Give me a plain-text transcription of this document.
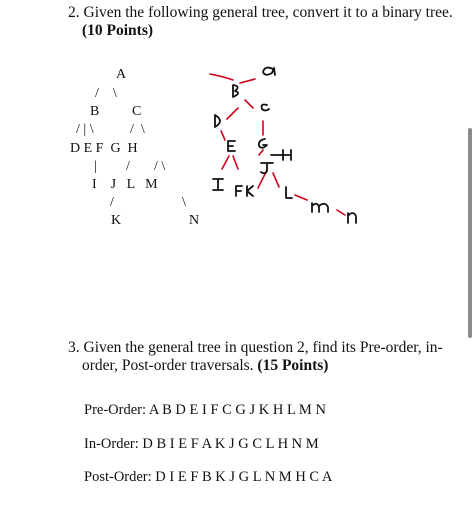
2. Given the following general tree, convert it to a binary tree.
(10 Points)
A
/    \
B C
/ | \	/  \
D E F  G  H
| / / \
I    J   L   M
/	\
K	N
3. Given the general tree in question 2, find its Pre-order, in-
order, Post-order traversals. (15 Points)
Pre-Order: A B D E I F C G J K H L M N
In-Order: D B I E F A K J G C L H N M
Post-Order: D I E F B K J G L N M H C A
